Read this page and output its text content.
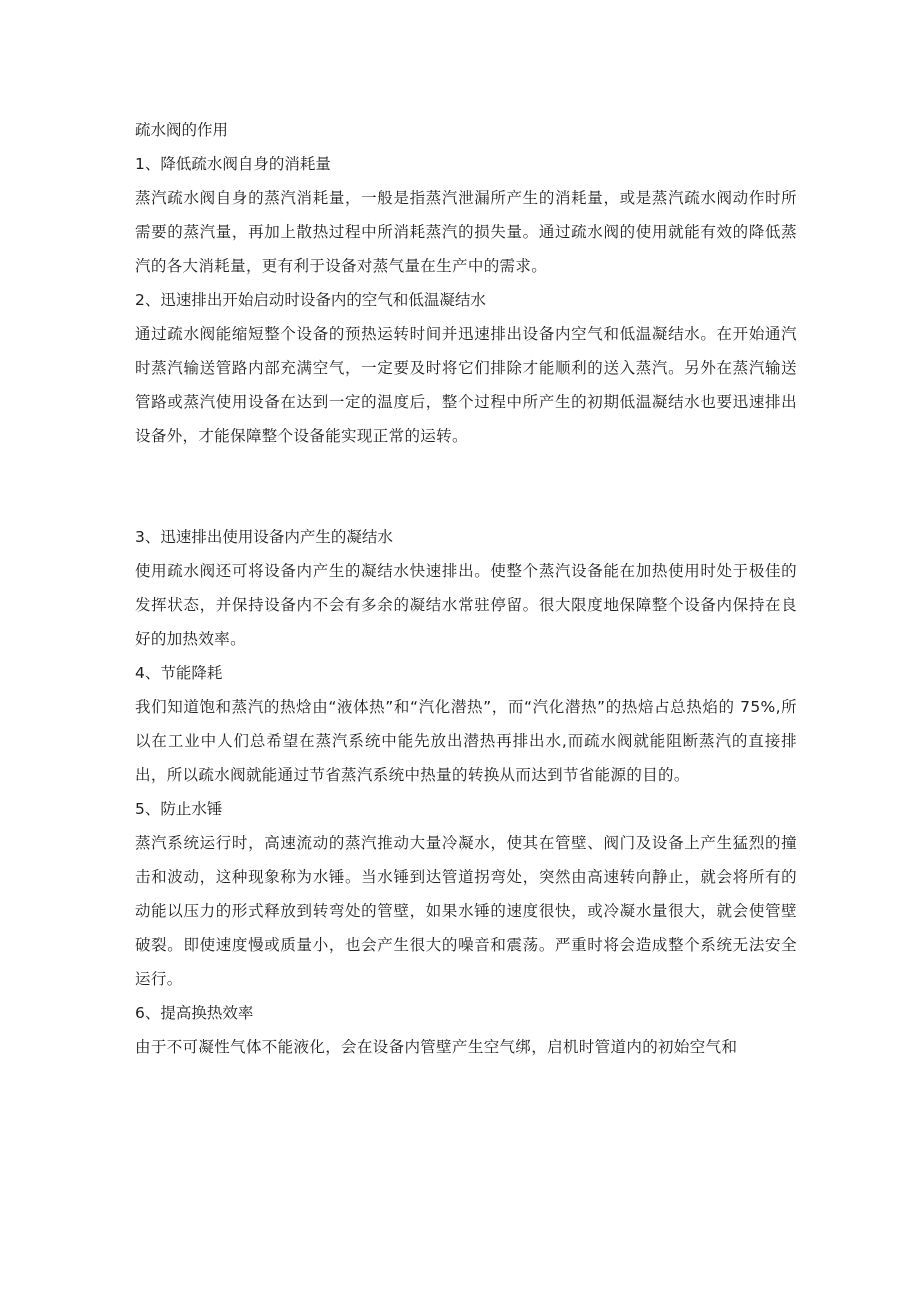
疏水阀的作用

1、降低疏水阀自身的消耗量

蒸汽疏水阀自身的蒸汽消耗量，一般是指蒸汽泄漏所产生的消耗量，或是蒸汽疏水阀动作时所需要的蒸汽量，再加上散热过程中所消耗蒸汽的损失量。通过疏水阀的使用就能有效的降低蒸汽的各大消耗量，更有利于设备对蒸气量在生产中的需求。

2、迅速排出开始启动时设备内的空气和低温凝结水

通过疏水阀能缩短整个设备的预热运转时间并迅速排出设备内空气和低温凝结水。在开始通汽时蒸汽输送管路内部充满空气，一定要及时将它们排除才能顺利的送入蒸汽。另外在蒸汽输送管路或蒸汽使用设备在达到一定的温度后，整个过程中所产生的初期低温凝结水也要迅速排出设备外，才能保障整个设备能实现正常的运转。

3、迅速排出使用设备内产生的凝结水

使用疏水阀还可将设备内产生的凝结水快速排出。使整个蒸汽设备能在加热使用时处于极佳的发挥状态，并保持设备内不会有多余的凝结水常驻停留。很大限度地保障整个设备内保持在良好的加热效率。

4、节能降耗

我们知道饱和蒸汽的热焓由“液体热”和“汽化潜热”，而“汽化潜热”的热焙占总热焰的 75%,所以在工业中人们总希望在蒸汽系统中能先放出潜热再排出水,而疏水阀就能阻断蒸汽的直接排出，所以疏水阀就能通过节省蒸汽系统中热量的转换从而达到节省能源的目的。

5、防止水锤

蒸汽系统运行时，高速流动的蒸汽推动大量冷凝水，使其在管壁、阀门及设备上产生猛烈的撞击和波动，这种现象称为水锤。当水锤到达管道拐弯处，突然由高速转向静止，就会将所有的动能以压力的形式释放到转弯处的管壁，如果水锤的速度很快，或冷凝水量很大，就会使管壁破裂。即使速度慢或质量小，也会产生很大的噪音和震荡。严重时将会造成整个系统无法安全运行。

6、提高换热效率

由于不可凝性气体不能液化，会在设备内管壁产生空气绑，启机时管道内的初始空气和
